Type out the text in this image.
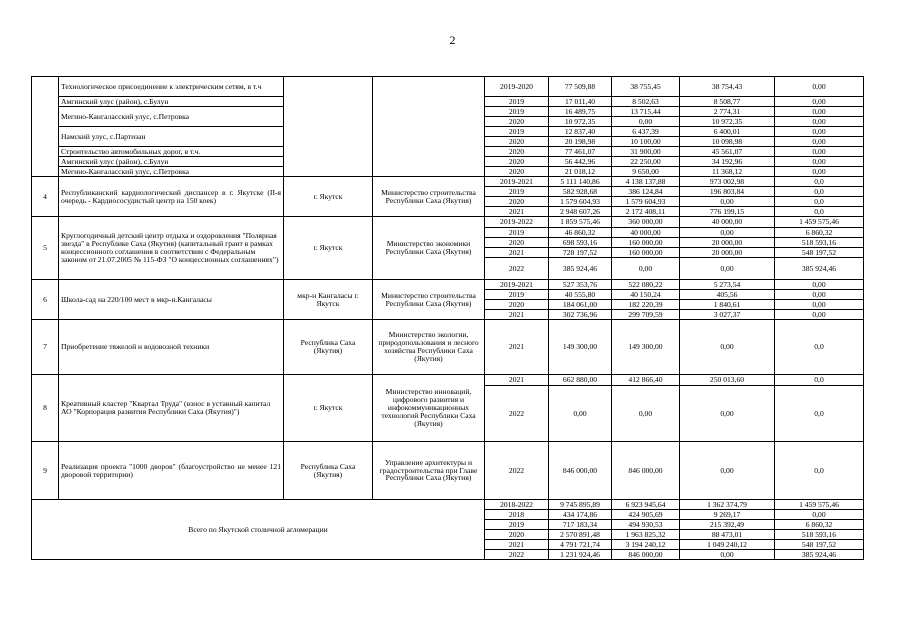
2
	Технологическое присоединение к электрическим сетям, в т.ч			2019-2020	77 509,88	38 755,45	38 754,43	0,00
	Амгинский улус (район), с.Булун			2019	17 011,40	8 502,63	8 508,77	0,00
	Мегино-Кангаласский улус, с.Петровка			2019	16 489,75	13 715,44	2 774,31	0,00
				2020	10 972,35	0,00	10 972,35	0,00
	Намский улус, с.Партизан			2019	12 837,40	6 437,39	6 400,01	0,00
				2020	20 198,98	10 100,00	10 098,98	0,00
	Строительство автомобильных дорог, в т.ч.			2020	77 461,07	31 900,00	45 561,07	0,00
	Амгинский улус (район), с.Булун			2020	56 442,96	22 250,00	34 192,96	0,00
	Мегино-Кангаласский улус, с.Петровка			2020	21 018,12	9 650,00	11 368,12	0,00
4	Республиканский кардиологический диспансер в г. Якутске (II-я очередь - Кардиососудистый центр на 150 коек)	г. Якутск	Министерство строительства Республики Саха (Якутия)	2019-2021	5 111 140,86	4 138 137,88	973 002,98	0,0
				2019	582 928,68	386 124,84	196 803,84	0,0
				2020	1 579 604,93	1 579 604,93	0,00	0,0
				2021	2 948 607,26	2 172 408,11	776 199,15	0,0
5	Круглогодичный детский центр отдыха и оздоровления "Полярная звезда" в Республике Саха (Якутия) (капитальный грант в рамках концессионного соглашения в соответствии с Федеральным законом от 21.07.2005 № 115-ФЗ "О концессионных соглашениях")	г. Якутск	Министерство экономики Республики Саха (Якутия)	2019-2022	1 859 575,46	360 000,00	40 000,00	1 459 575,46
				2019	46 860,32	40 000,00	0,00	6 860,32
				2020	698 593,16	160 000,00	20 000,00	518 593,16
				2021	728 197,52	160 000,00	20 000,00	548 197,52
				2022	385 924,46	0,00	0,00	385 924,46
6	Школа-сад на 220/100 мест в мкр-н.Кангаласы	мкр-н Кангаласы г. Якутск	Министерство строительства Республики Саха (Якутия)	2019-2021	527 353,76	522 080,22	5 273,54	0,00
				2019	40 555,80	40 150,24	405,56	0,00
				2020	184 061,00	182 220,39	1 840,61	0,00
				2021	302 736,96	299 709,59	3 027,37	0,00
7	Приобретение тяжелой и водовозной техники	Республика Саха (Якутия)	Министерство экологии, природопользования и лесного хозяйства Республики Саха (Якутия)	2021	149 300,00	149 300,00	0,00	0,0
8	Креативный кластер "Квартал Труда" (взнос в уставный капитал АО "Корпорация развития Республики Саха (Якутия)")	г. Якутск	Министерство инноваций, цифрового развития и инфокоммуникационных технологий Республики Саха (Якутия)	2021	662 880,00	412 866,40	250 013,60	0,0
				2022	0,00	0,00	0,00	0,0
9	Реализация проекта "1000 дворов" (благоустройство не менее 121 дворовой территории)	Республика Саха (Якутия)	Управление архитектуры и градостроительства при Главе Республики Саха (Якутия)	2022	846 000,00	846 000,00	0,00	0,0
Всего по Якутской столичной агломерации				2018-2022	9 745 895,89	6 923 945,64	1 362 374,79	1 459 575,46
				2018	434 174,86	424 905,69	9 269,17	0,00
				2019	717 183,34	494 930,53	215 392,49	6 860,32
				2020	2 570 891,48	1 963 825,32	88 473,01	518 593,16
				2021	4 791 721,74	3 194 240,12	1 049 240,12	548 197,52
				2022	1 231 924,46	846 000,00	0,00	385 924,46
